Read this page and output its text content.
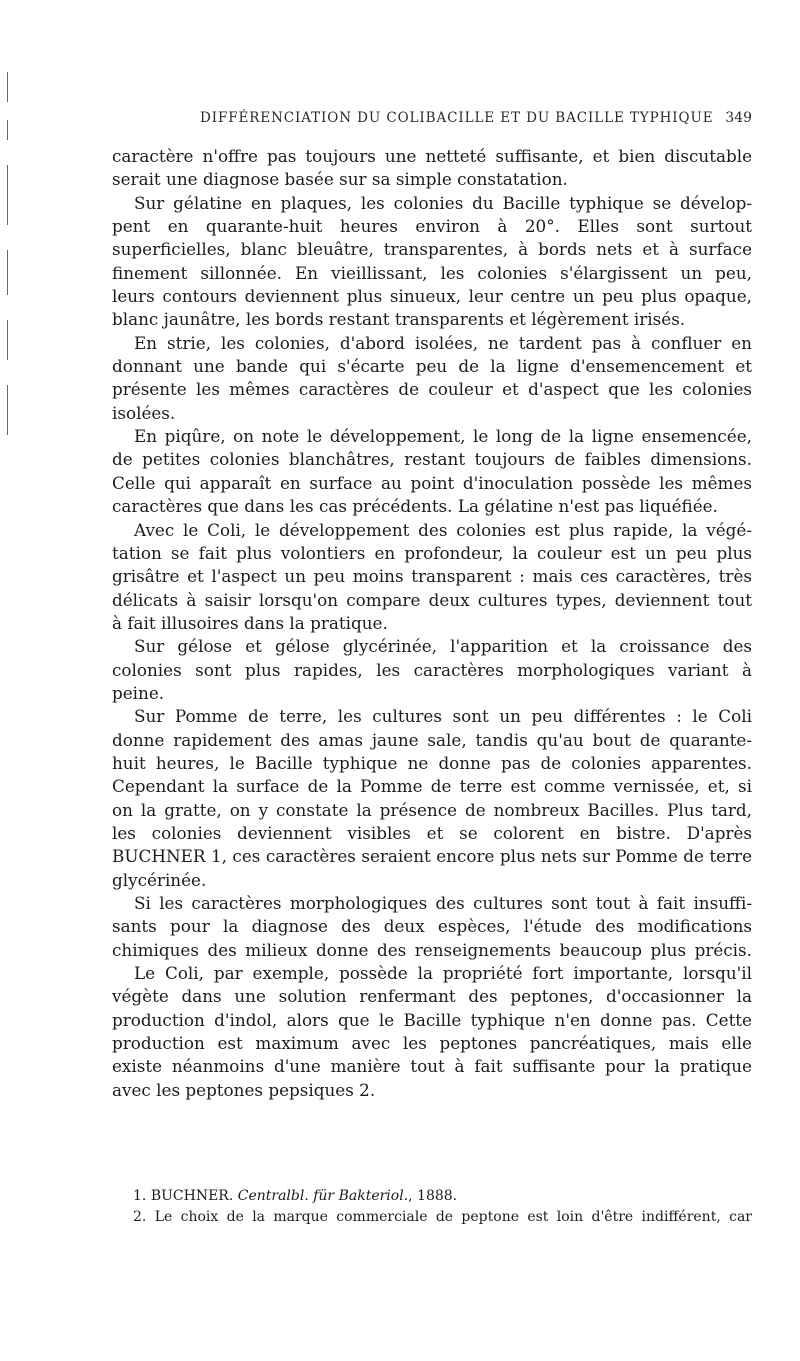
DIFFÉRENCIATION DU COLIBACILLE ET DU BACILLE TYPHIQUE 349
caractère n'offre pas toujours une netteté suffisante, et bien discutable
serait une diagnose basée sur sa simple constatation.
Sur gélatine en plaques, les colonies du Bacille typhique se dévelop-
pent en quarante-huit heures environ à 20°. Elles sont surtout
superficielles, blanc bleuâtre, transparentes, à bords nets et à surface
finement sillonnée. En vieillissant, les colonies s'élargissent un peu,
leurs contours deviennent plus sinueux, leur centre un peu plus opaque,
blanc jaunâtre, les bords restant transparents et légèrement irisés.
En strie, les colonies, d'abord isolées, ne tardent pas à confluer en
donnant une bande qui s'écarte peu de la ligne d'ensemencement et
présente les mêmes caractères de couleur et d'aspect que les colonies
isolées.
En piqûre, on note le développement, le long de la ligne ensemencée,
de petites colonies blanchâtres, restant toujours de faibles dimensions.
Celle qui apparaît en surface au point d'inoculation possède les mêmes
caractères que dans les cas précédents. La gélatine n'est pas liquéfiée.
Avec le Coli, le développement des colonies est plus rapide, la végé-
tation se fait plus volontiers en profondeur, la couleur est un peu plus
grisâtre et l'aspect un peu moins transparent : mais ces caractères, très
délicats à saisir lorsqu'on compare deux cultures types, deviennent tout
à fait illusoires dans la pratique.
Sur gélose et gélose glycérinée, l'apparition et la croissance des
colonies sont plus rapides, les caractères morphologiques variant à
peine.
Sur Pomme de terre, les cultures sont un peu différentes : le Coli
donne rapidement des amas jaune sale, tandis qu'au bout de quarante-
huit heures, le Bacille typhique ne donne pas de colonies apparentes.
Cependant la surface de la Pomme de terre est comme vernissée, et, si
on la gratte, on y constate la présence de nombreux Bacilles. Plus tard,
les colonies deviennent visibles et se colorent en bistre. D'après
BUCHNER 1, ces caractères seraient encore plus nets sur Pomme de terre
glycérinée.
Si les caractères morphologiques des cultures sont tout à fait insuffi-
sants pour la diagnose des deux espèces, l'étude des modifications
chimiques des milieux donne des renseignements beaucoup plus précis.
Le Coli, par exemple, possède la propriété fort importante, lorsqu'il
végète dans une solution renfermant des peptones, d'occasionner la
production d'indol, alors que le Bacille typhique n'en donne pas. Cette
production est maximum avec les peptones pancréatiques, mais elle
existe néanmoins d'une manière tout à fait suffisante pour la pratique
avec les peptones pepsiques 2.
1. BUCHNER. Centralbl. für Bakteriol., 1888.
2. Le choix de la marque commerciale de peptone est loin d'être indifférent, car
